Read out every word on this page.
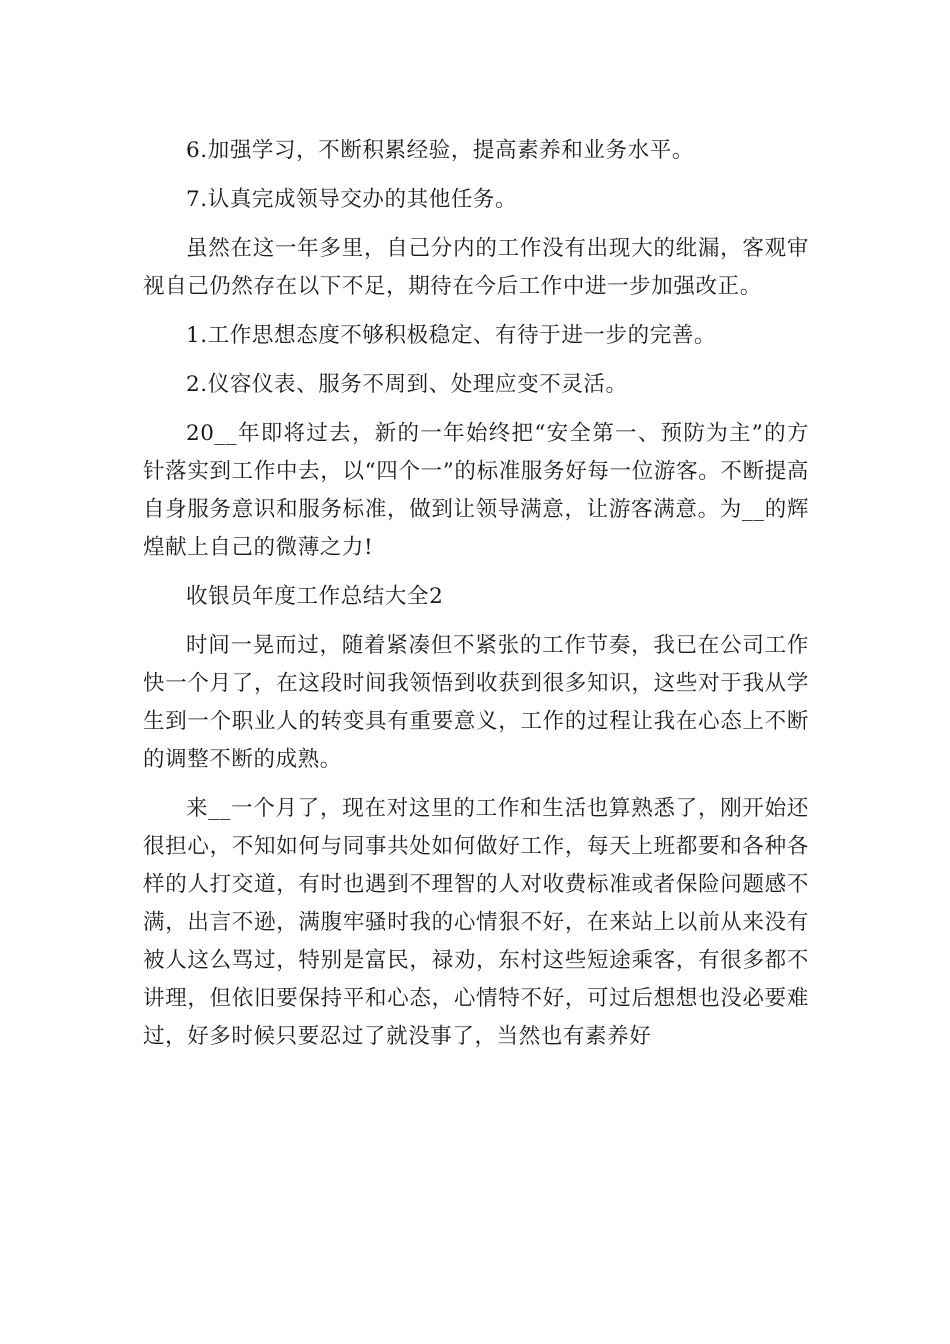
6.加强学习，不断积累经验，提高素养和业务水平。

7.认真完成领导交办的其他任务。

虽然在这一年多里，自己分内的工作没有出现大的纰漏，客观审视自己仍然存在以下不足，期待在今后工作中进一步加强改正。

1.工作思想态度不够积极稳定、有待于进一步的完善。

2.仪容仪表、服务不周到、处理应变不灵活。

20__年即将过去，新的一年始终把“安全第一、预防为主”的方针落实到工作中去，以“四个一”的标准服务好每一位游客。不断提高自身服务意识和服务标准，做到让领导满意，让游客满意。为__的辉煌献上自己的微薄之力!

收银员年度工作总结大全2

时间一晃而过，随着紧凑但不紧张的工作节奏，我已在公司工作快一个月了，在这段时间我领悟到收获到很多知识，这些对于我从学生到一个职业人的转变具有重要意义，工作的过程让我在心态上不断的调整不断的成熟。

来__一个月了，现在对这里的工作和生活也算熟悉了，刚开始还很担心，不知如何与同事共处如何做好工作，每天上班都要和各种各样的人打交道，有时也遇到不理智的人对收费标准或者保险问题感不满，出言不逊，满腹牢骚时我的心情狠不好，在来站上以前从来没有被人这么骂过，特别是富民，禄劝，东村这些短途乘客，有很多都不讲理，但依旧要保持平和心态，心情特不好，可过后想想也没必要难过，好多时候只要忍过了就没事了，当然也有素养好
